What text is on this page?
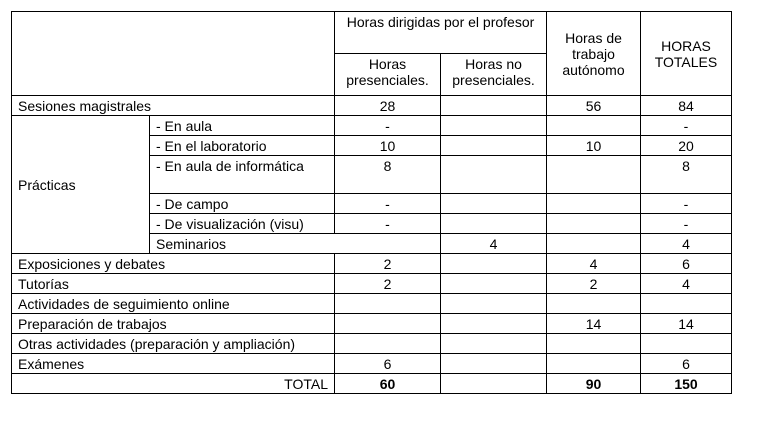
		Horas dirigidas por el profesor		Horas de trabajo autónomo	HORAS TOTALES	
		Horas presenciales.	Horas no presenciales.			
Sesiones magistrales		28		56	84	
Prácticas	- En aula	-			-	
	- En el laboratorio	10		10	20	
	- En aula de informática	8			8	
	- De campo	-			-	
	- De visualización (visu)	-			-	
	Seminarios		4		4	
Exposiciones y debates		2		4	6	
Tutorías		2		2	4	
Actividades de seguimiento online						
Preparación de trabajos				14	14	
Otras actividades (preparación y ampliación)						
Exámenes		6			6	
TOTAL		60		90	150	
